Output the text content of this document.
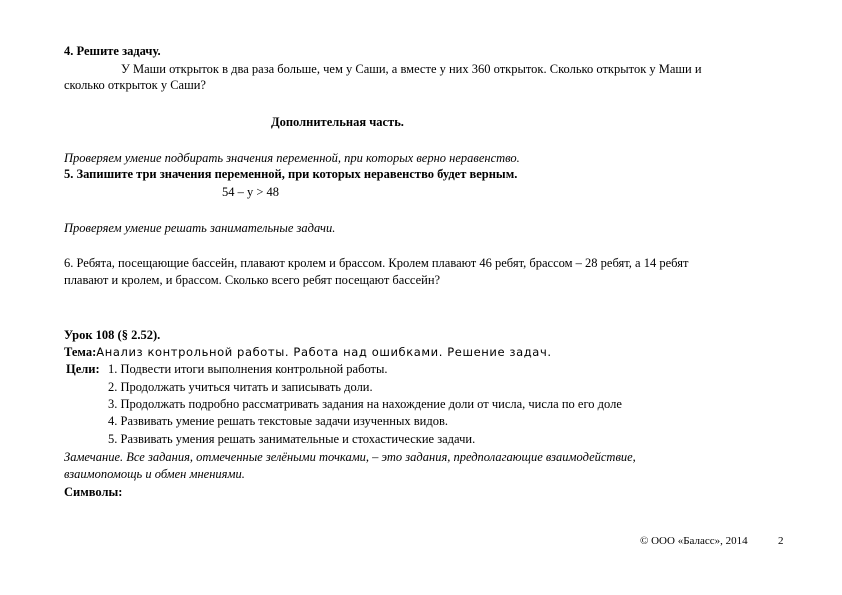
4. Решите задачу.
У Маши открыток в два раза больше, чем у Саши, а вместе у них 360 открыток. Сколько открыток у Маши и
сколько открыток у Саши?
Дополнительная часть.
Проверяем умение подбирать значения переменной, при которых верно неравенство.
5. Запишите три значения переменной, при которых неравенство будет верным.
54 – у > 48
Проверяем умение решать занимательные задачи.
6. Ребята, посещающие бассейн, плавают кролем и брассом. Кролем плавают 46 ребят, брассом – 28 ребят, а 14 ребят
плавают и кролем, и брассом. Сколько всего ребят посещают бассейн?
Урок 108 (§ 2.52).
Тема:Анализ контрольной работы. Работа над ошибками. Решение задач.
Цели: 1. Подвести итоги выполнения контрольной работы.
2. Продолжать учиться читать и записывать доли.
3. Продолжать подробно рассматривать задания на нахождение доли от числа, числа по его доле
4. Развивать умение решать текстовые задачи изученных видов.
5. Развивать умения решать занимательные и стохастические задачи.
Замечание. Все задания, отмеченные зелёными точками, – это задания, предполагающие взаимодействие,
взаимопомощь и обмен мнениями.
Символы:
© ООО «Баласс», 2014	2
